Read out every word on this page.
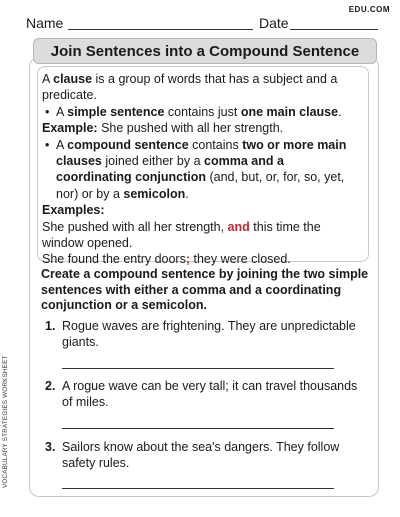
Name	Date
EDU.COM
Join Sentences into a Compound Sentence
A clause is a group of words that has a subject and a predicate.
• A simple sentence contains just one main clause.
Example: She pushed with all her strength.
• A compound sentence contains two or more main clauses joined either by a comma and a coordinating conjunction (and, but, or, for, so, yet, nor) or by a semicolon.
Examples:
She pushed with all her strength, and this time the window opened.
She found the entry doors; they were closed.
Create a compound sentence by joining the two simple sentences with either a comma and a coordinating conjunction or a semicolon.
1. Rogue waves are frightening. They are unpredictable giants.
2. A rogue wave can be very tall; it can travel thousands of miles.
3. Sailors know about the sea's dangers. They follow safety rules.
VOCABULARY STRATEGIES WORKSHEET
